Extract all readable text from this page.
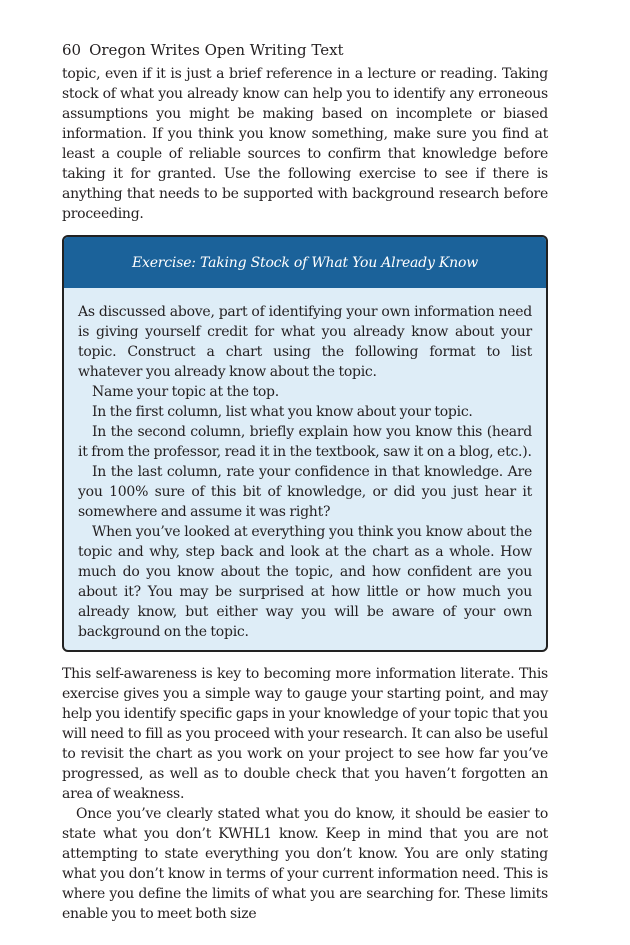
60 Oregon Writes Open Writing Text

topic, even if it is just a brief reference in a lecture or reading. Taking stock of what you already know can help you to identify any erroneous assumptions you might be making based on incomplete or biased information. If you think you know something, make sure you find at least a couple of reliable sources to confirm that knowledge before taking it for granted. Use the following exercise to see if there is anything that needs to be supported with background research before proceeding.

Exercise: Taking Stock of What You Already Know

As discussed above, part of identifying your own information need is giving yourself credit for what you already know about your topic. Construct a chart using the following format to list whatever you already know about the topic.

Name your topic at the top.

In the first column, list what you know about your topic.

In the second column, briefly explain how you know this (heard it from the professor, read it in the textbook, saw it on a blog, etc.).

In the last column, rate your confidence in that knowledge. Are you 100% sure of this bit of knowledge, or did you just hear it somewhere and assume it was right?

When you’ve looked at everything you think you know about the topic and why, step back and look at the chart as a whole. How much do you know about the topic, and how confident are you about it? You may be surprised at how little or how much you already know, but either way you will be aware of your own background on the topic.

This self-awareness is key to becoming more information literate. This exercise gives you a simple way to gauge your starting point, and may help you identify specific gaps in your knowledge of your topic that you will need to fill as you proceed with your research. It can also be useful to revisit the chart as you work on your project to see how far you’ve progressed, as well as to double check that you haven’t forgotten an area of weakness.

Once you’ve clearly stated what you do know, it should be easier to state what you don’t KWHL1 know. Keep in mind that you are not attempting to state everything you don’t know. You are only stating what you don’t know in terms of your current information need. This is where you define the limits of what you are searching for. These limits enable you to meet both size
